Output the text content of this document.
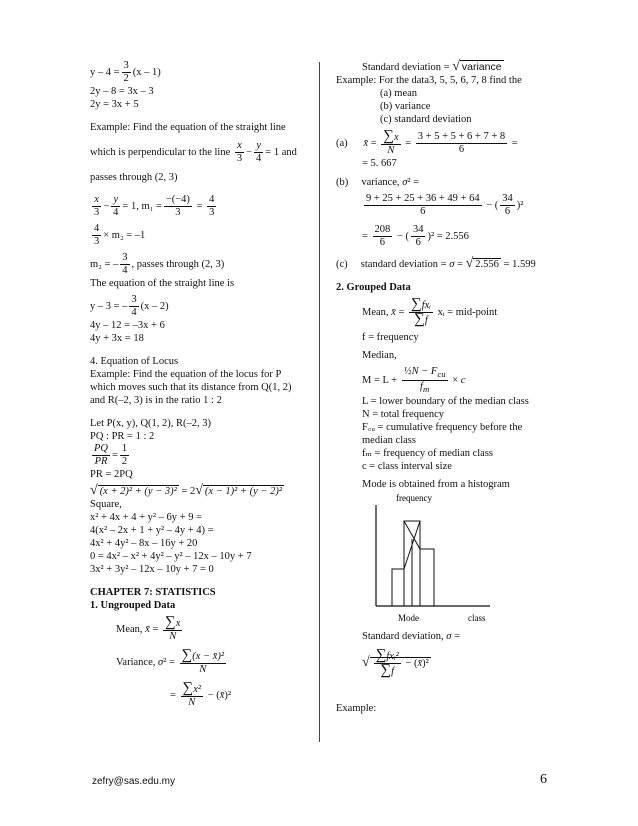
$y - 4 = \frac{3}{2} (x - 1)$

2y – 8 = 3x – 3

2y = 3x + 5

Example: Find the equation of the straight line

which is perpendicular to the line $\frac{x}{3} - \frac{y}{4} = 1$ and

passes through (2, 3)

$\frac{x}{3} - \frac{y}{4} = 1$, $m_1 = \frac{-(-4)}{3} = \frac{4}{3}$

$\frac{4}{3} \times m_2 = -1$

m₂ = – $\frac{3}{4}$ , passes through (2, 3)

The equation of the straight line is

y – 3 = – $\frac{3}{4} (x - 2)$

4y – 12 = –3x + 6

4y + 3x = 18

4. Equation of Locus

Example: Find the equation of the locus for P

which moves such that its distance from Q(1, 2)

and R(–2, 3) is in the ratio 1 : 2

Let P(x, y), Q(1, 2), R(–2, 3)

PQ : PR = 1 : 2

$\frac{PQ}{PR} = \frac{1}{2}$

PR = 2PQ

√ (x + 2)² + (y − 3)² = 2√ (x − 1)² + (y − 2)²

Square,

x² + 4x + 4 + y² – 6y + 9 =

4(x² – 2x + 1 + y² – 4y + 4) =

4x² + 4y² – 8x – 16y + 20

0 = 4x² – x² + 4y² – y² – 12x – 10y + 7

3x² + 3y² – 12x – 10y + 7 = 0

CHAPTER 7: STATISTICS

1. Ungrouped Data

Mean, x̄ = $\frac{\sum x}{N}$

Variance, $\sigma^2 = \frac{\text{∑(x − x̄)²}}{N}$

= $\frac{\text{∑x²}}{N}$ − (x̄)²

Standard deviation = √ variance

Example: For the data3, 5, 5, 6, 7, 8 find the

(a) mean

(b) variance

(c) standard deviation

(a) x̄ = $\frac{\sum x}{N} = \frac{3 + 5 + 5 + 6 + 7 + 8}{6}$ =

= 5. 667

(b) variance, σ² =

$\frac{9 + 25 + 25 + 36 + 49 + 64}{6}$ − ( $\frac{34}{6} )^2$

= $\frac{208}{6}$ − ( $\frac{34}{6} )^2 = 2.556$

(c) standard deviation = σ = √ 2.556 = 1.599

2. Grouped Data

Mean, x̄ = $\frac{\text{∑fxᵢ}}{\sum f}$ xᵢ = mid-point

f = frequency

Median,

$M = L + \frac{\frac{1}{2}N - F_{cu}}{f_m} \times c$

L = lower boundary of the median class

N = total frequency

F꜀ᵤ = cumulative frequency before the

median class

fₘ = frequency of median class

c = class interval size

Mode is obtained from a histogram

frequency
Mode	class

Standard deviation, σ =

√ $\frac{\text{∑fxᵢ²}}{\sum f}$ − (x̄)²

Example:

zefry@sas.edu.my	6
